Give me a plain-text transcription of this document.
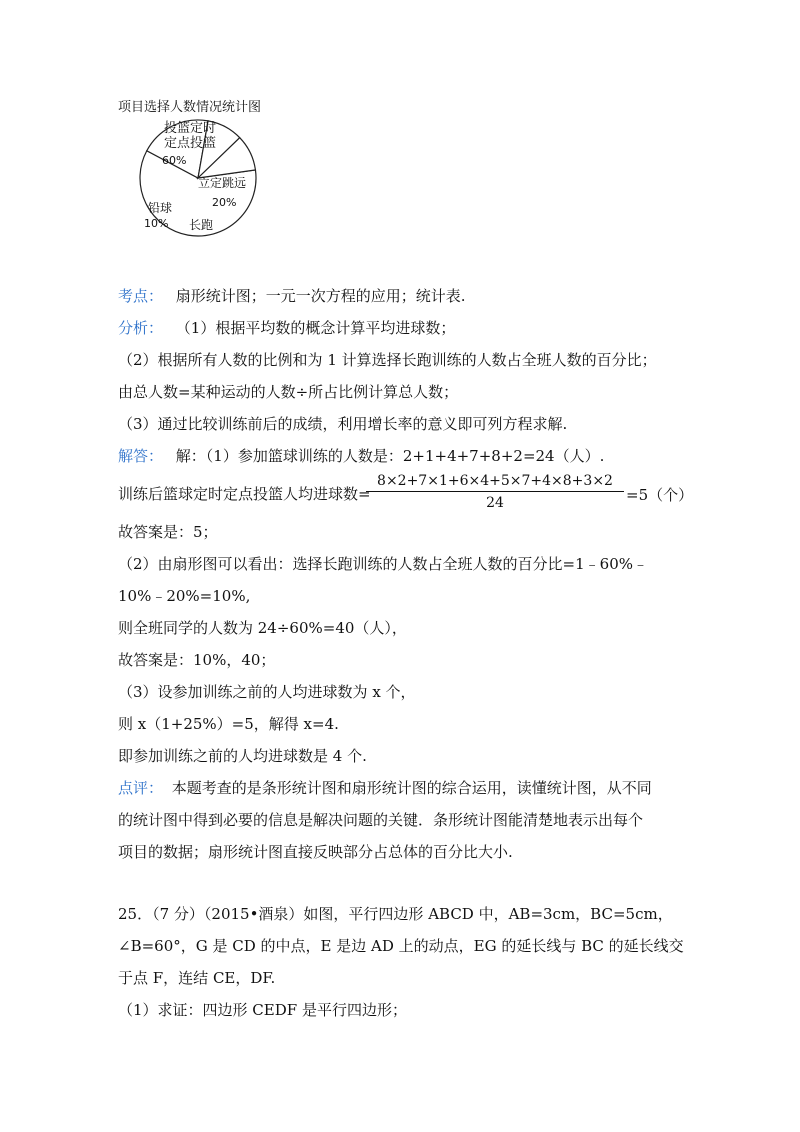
项目选择人数情况统计图
投篮定时
定点投篮
60%
立定跳远
20%
长跑
铅球
10%
考点： 扇形统计图；一元一次方程的应用；统计表.
分析： （1）根据平均数的概念计算平均进球数；
（2）根据所有人数的比例和为 1 计算选择长跑训练的人数占全班人数的百分比；
由总人数=某种运动的人数÷所占比例计算总人数；
（3）通过比较训练前后的成绩，利用增长率的意义即可列方程求解.
解答： 解：（1）参加篮球训练的人数是：2+1+4+7+8+2=24（人）.
训练后篮球定时定点投篮人均进球数=
8×2+7×1+6×4+5×7+4×8+3×2
24	=5（个）
故答案是：5；
（2）由扇形图可以看出：选择长跑训练的人数占全班人数的百分比=1﹣60%﹣
10%﹣20%=10%,
则全班同学的人数为 24÷60%=40（人），
故答案是：10%，40；
（3）设参加训练之前的人均进球数为 x 个，
则 x（1+25%）=5，解得 x=4.
即参加训练之前的人均进球数是 4 个.
点评： 本题考查的是条形统计图和扇形统计图的综合运用，读懂统计图，从不同
的统计图中得到必要的信息是解决问题的关键．条形统计图能清楚地表示出每个
项目的数据；扇形统计图直接反映部分占总体的百分比大小.
25．（7 分）（2015•酒泉）如图，平行四边形 ABCD 中，AB=3cm，BC=5cm，
∠B=60°，G 是 CD 的中点，E 是边 AD 上的动点，EG 的延长线与 BC 的延长线交
于点 F，连结 CE，DF.
（1）求证：四边形 CEDF 是平行四边形；
